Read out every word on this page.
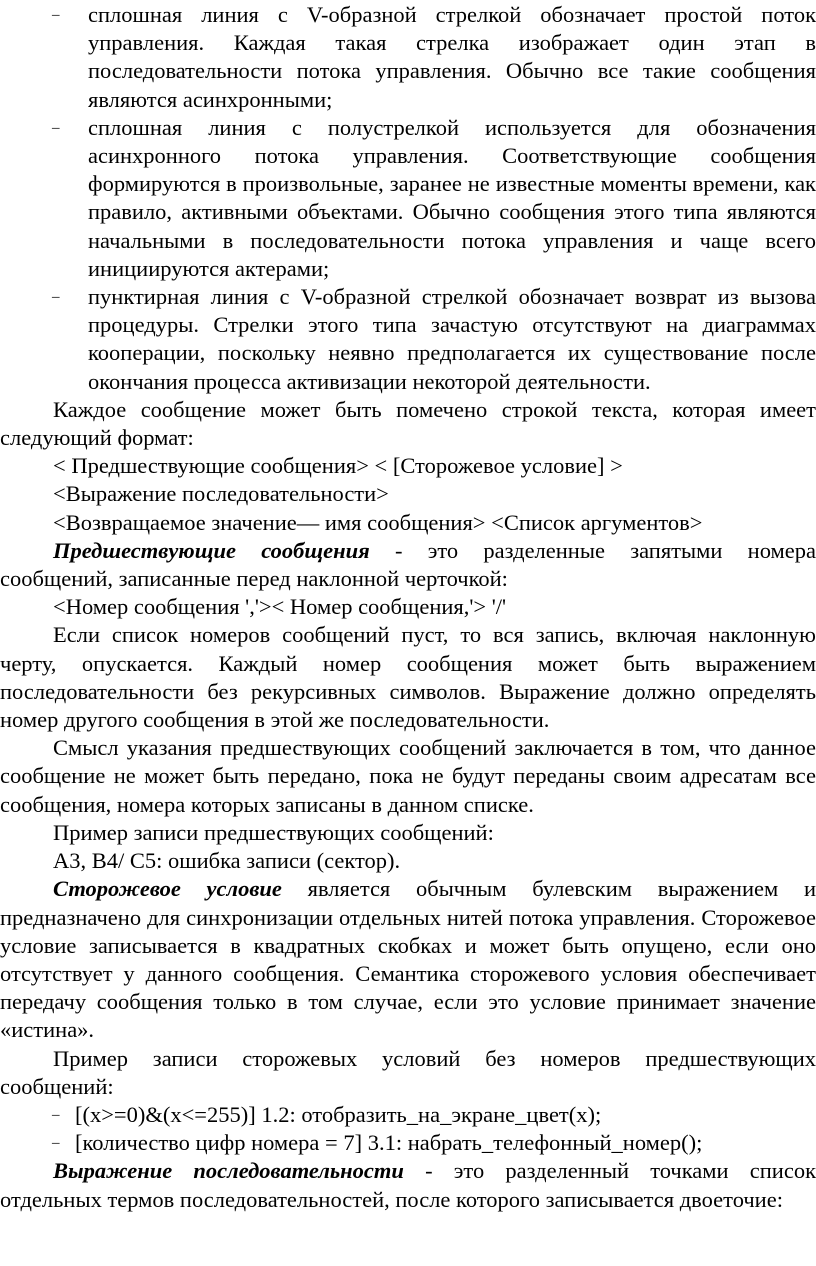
– сплошная линия с V-образной стрелкой обозначает простой поток управления. Каждая такая стрелка изображает один этап в последовательности потока управления. Обычно все такие сообщения являются асинхронными;

– сплошная линия с полустрелкой используется для обозначения асинхронного потока управления. Соответствующие сообщения формируются в произвольные, заранее не известные моменты времени, как правило, активными объектами. Обычно сообщения этого типа являются начальными в последовательности потока управления и чаще всего инициируются актерами;

– пунктирная линия с V-образной стрелкой обозначает возврат из вызова процедуры. Стрелки этого типа зачастую отсутствуют на диаграммах кооперации, поскольку неявно предполагается их существование после окончания процесса активизации некоторой деятельности.

Каждое сообщение может быть помечено строкой текста, которая имеет следующий формат:

< Предшествующие сообщения> < [Сторожевое условие] >

<Выражение последовательности>

<Возвращаемое значение— имя сообщения> <Список аргументов>

Предшествующие сообщения - это разделенные запятыми номера сообщений, записанные перед наклонной черточкой:

<Номер сообщения ','>< Номер сообщения,'> '/'

Если список номеров сообщений пуст, то вся запись, включая наклонную черту, опускается. Каждый номер сообщения может быть выражением последовательности без рекурсивных символов. Выражение должно определять номер другого сообщения в этой же последовательности.

Смысл указания предшествующих сообщений заключается в том, что данное сообщение не может быть передано, пока не будут переданы своим адресатам все сообщения, номера которых записаны в данном списке.

Пример записи предшествующих сообщений:

А3, В4/ С5: ошибка записи (сектор).

Сторожевое условие является обычным булевским выражением и предназначено для синхронизации отдельных нитей потока управления. Сторожевое условие записывается в квадратных скобках и может быть опущено, если оно отсутствует у данного сообщения. Семантика сторожевого условия обеспечивает передачу сообщения только в том случае, если это условие принимает значение «истина».

Пример записи сторожевых условий без номеров предшествующих сообщений:

– [(x>=0)&(x<=255)] 1.2: отобразить_на_экране_цвет(x);

– [количество цифр номера = 7] 3.1: набрать_телефонный_номер();

Выражение последовательности - это разделенный точками список отдельных термов последовательностей, после которого записывается двоеточие:
